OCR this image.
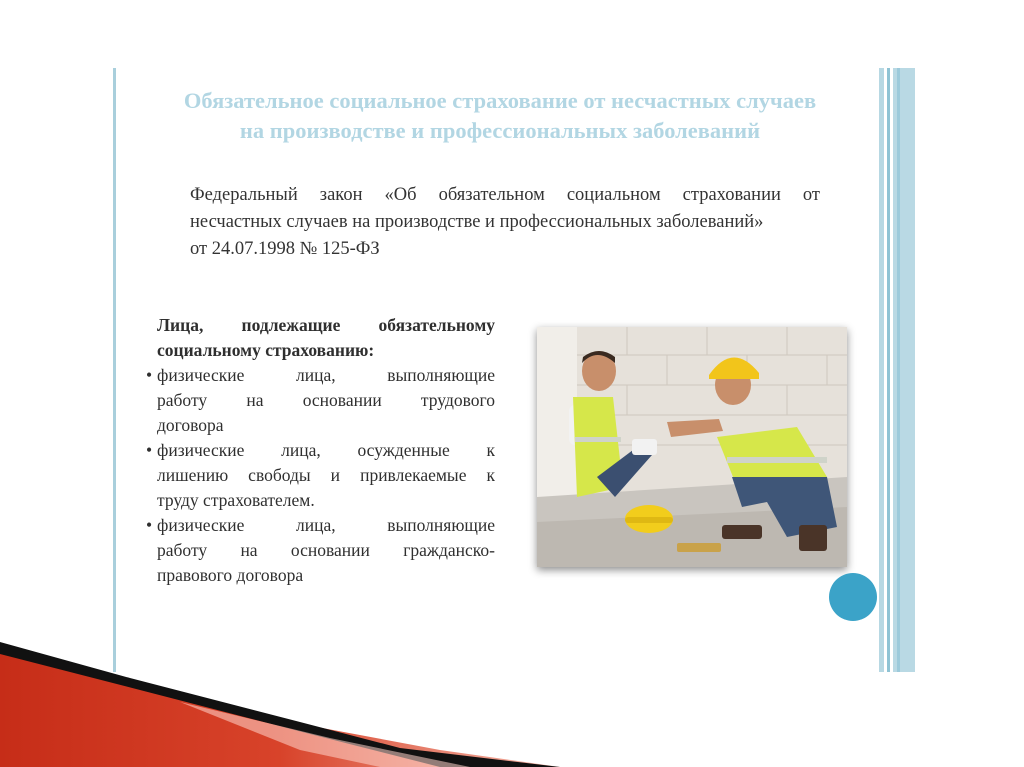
Обязательное социальное страхование от несчастных случаев
на производстве и профессиональных заболеваний
Федеральный закон «Об обязательном социальном страховании от
несчастных случаев на производстве и профессиональных заболеваний»
от 24.07.1998 № 125-ФЗ
Лица, подлежащие обязательному
социальному страхованию:
• физические лица, выполняющие
работу на основании трудового
договора
• физические лица, осужденные к
лишению свободы и привлекаемые к
труду страхователем.
• физические лица, выполняющие
работу на основании гражданско-
правового договора
